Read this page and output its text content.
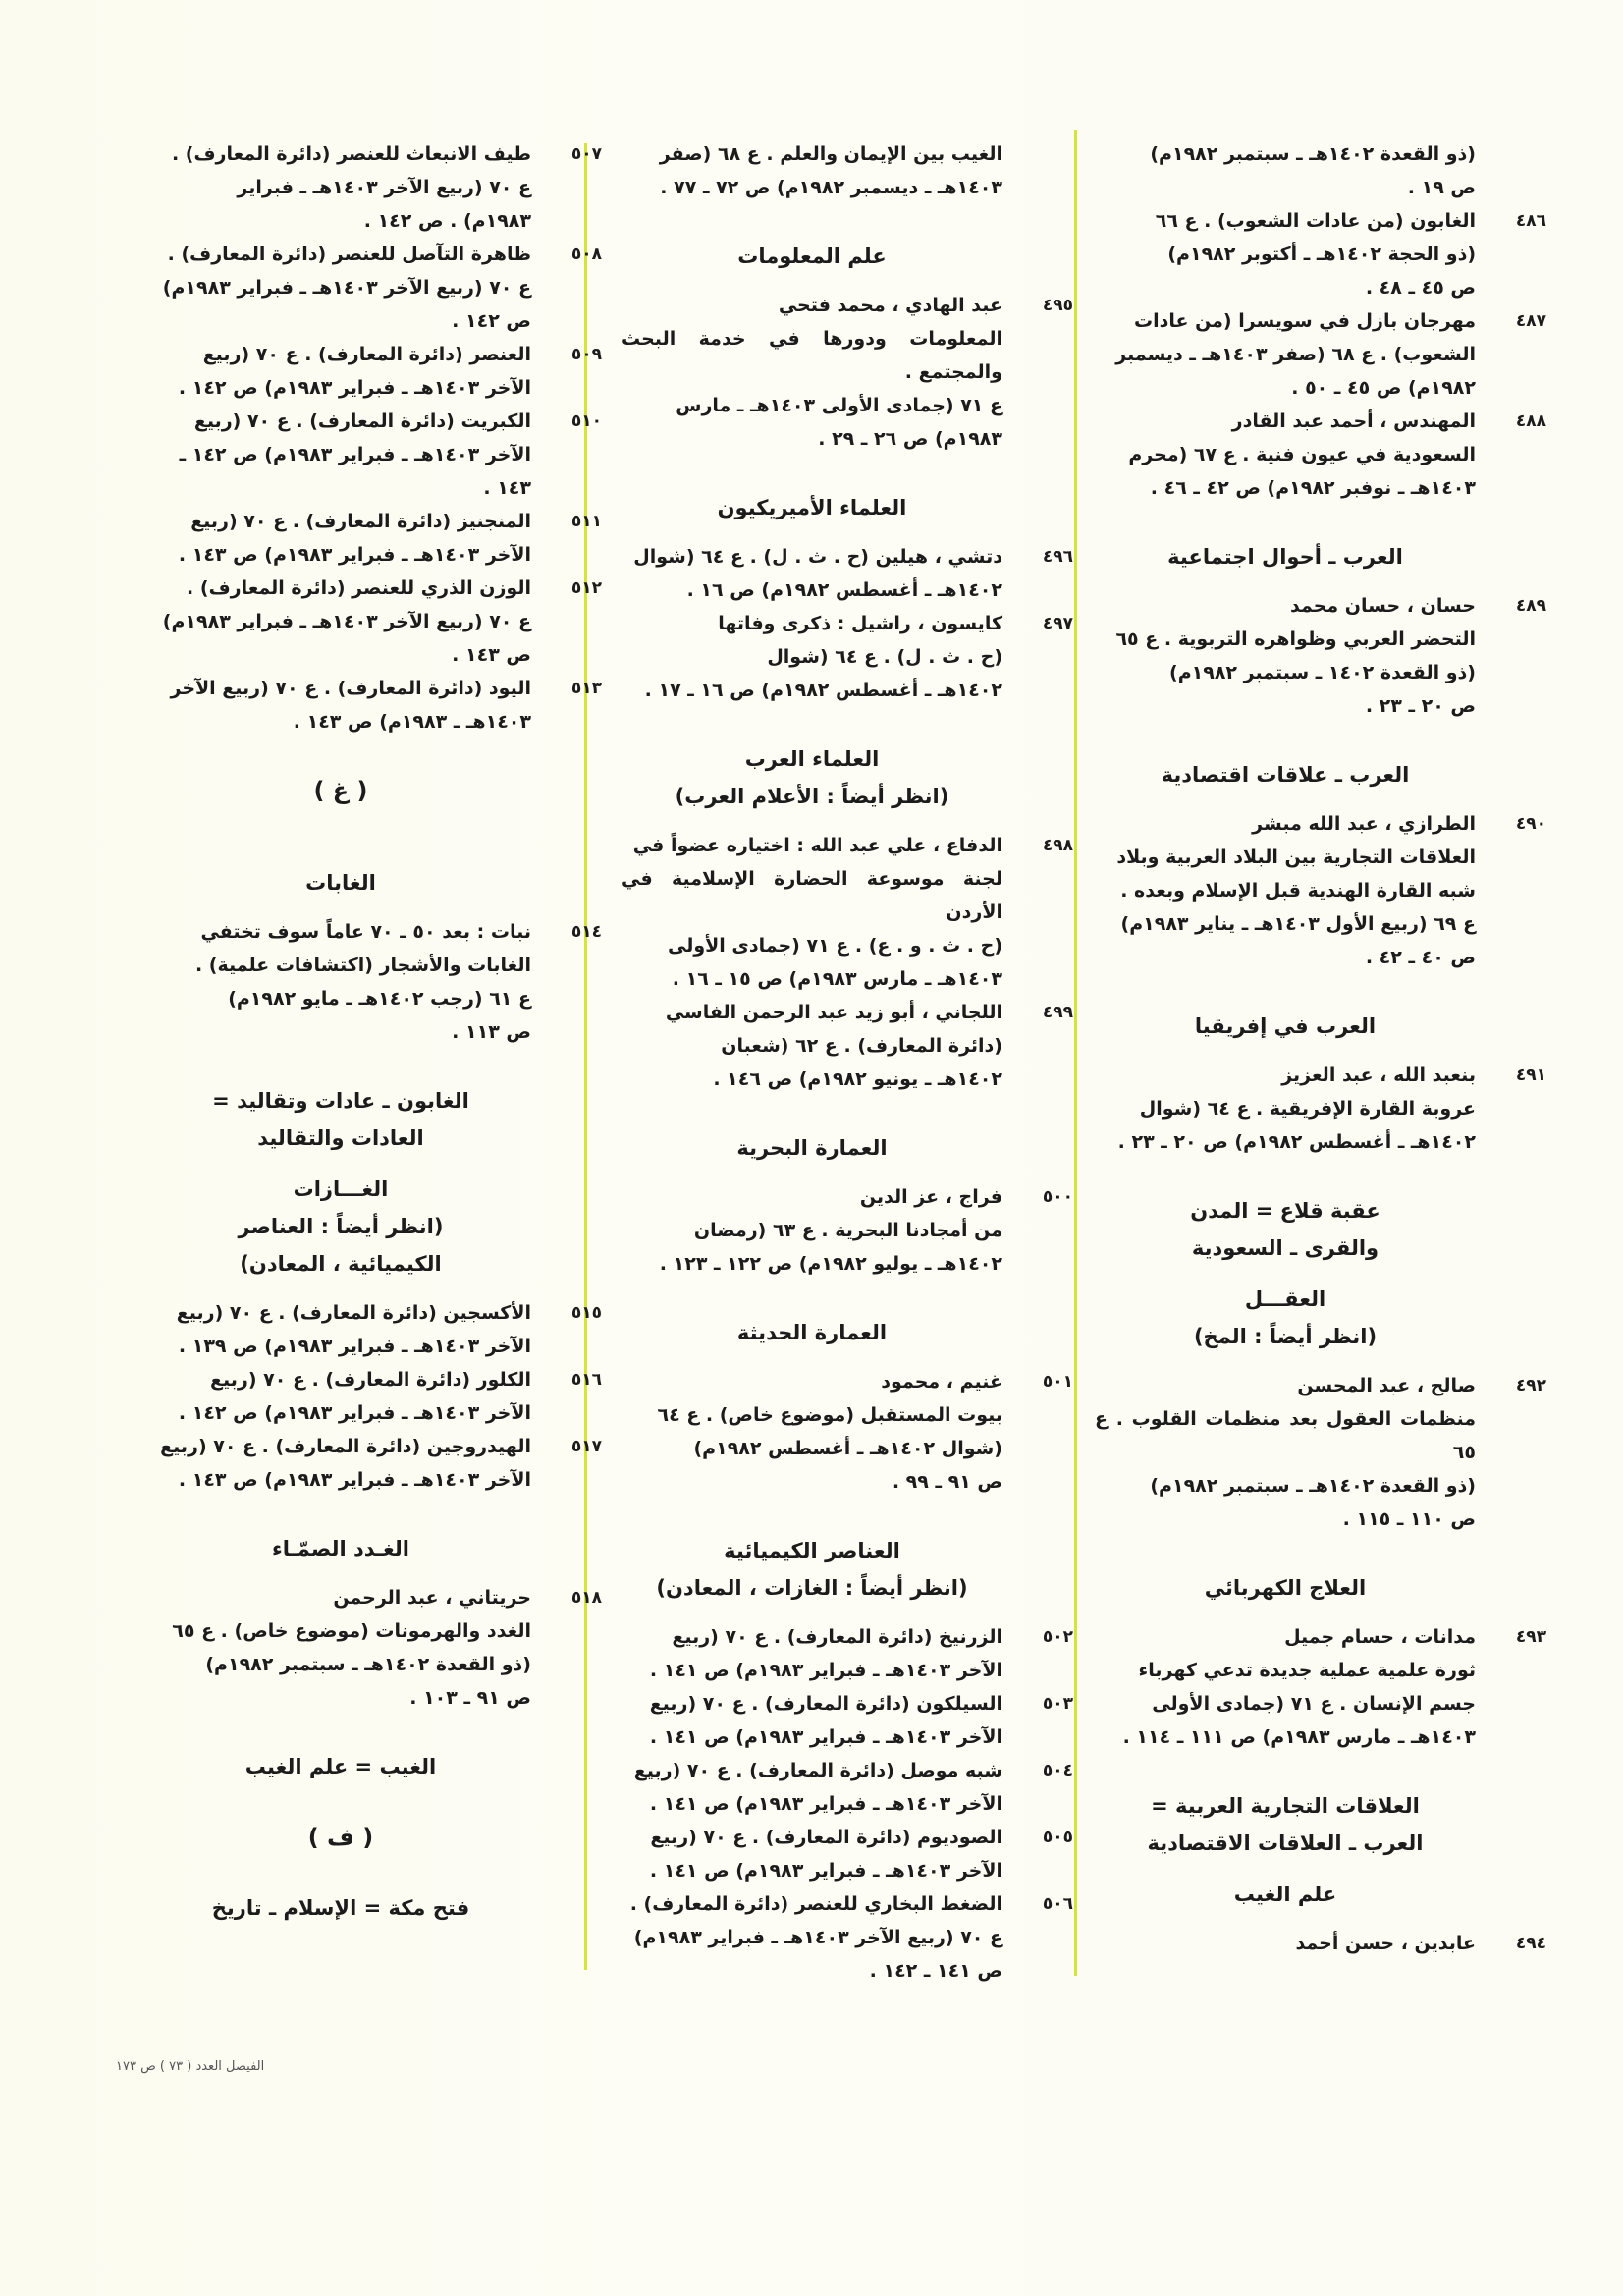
(ذو القعدة ١٤٠٢هـ ـ سبتمبر ١٩٨٢م)
ص ١٩ .
٤٨٦
الغابون (من عادات الشعوب) . ع ٦٦
(ذو الحجة ١٤٠٢هـ ـ أكتوبر ١٩٨٢م)
ص ٤٥ ـ ٤٨ .
٤٨٧
مهرجان بازل في سويسرا (من عادات
الشعوب) . ع ٦٨ (صفر ١٤٠٣هـ ـ ديسمبر
١٩٨٢م) ص ٤٥ ـ ٥٠ .
٤٨٨
المهندس ، أحمد عبد القادر
السعودية في عيون فنية . ع ٦٧ (محرم
١٤٠٣هـ ـ نوفبر ١٩٨٢م) ص ٤٢ ـ ٤٦ .
العرب ـ أحوال اجتماعية
٤٨٩
حسان ، حسان محمد
التحضر العربي وظواهره التربوية . ع ٦٥
(ذو القعدة ١٤٠٢ ـ سبتمبر ١٩٨٢م)
ص ٢٠ ـ ٢٣ .
العرب ـ علاقات اقتصادية
٤٩٠
الطرازي ، عبد الله مبشر
العلاقات التجارية بين البلاد العربية وبلاد
شبه القارة الهندية قبل الإسلام وبعده .
ع ٦٩ (ربيع الأول ١٤٠٣هـ ـ يناير ١٩٨٣م)
ص ٤٠ ـ ٤٢ .
العرب في إفريقيا
٤٩١
بنعبد الله ، عبد العزيز
عروبة القارة الإفريقية . ع ٦٤ (شوال
١٤٠٢هـ ـ أغسطس ١٩٨٢م) ص ٢٠ ـ ٢٣ .
عقبة قلاع = المدن
والقرى ـ السعودية
العقـــل
(انظر أيضاً : المخ)
٤٩٢
صالح ، عبد المحسن
منظمات العقول بعد منظمات القلوب . ع ٦٥
(ذو القعدة ١٤٠٢هـ ـ سبتمبر ١٩٨٢م)
ص ١١٠ ـ ١١٥ .
العلاج الكهربائي
٤٩٣
مدانات ، حسام جميل
ثورة علمية عملية جديدة تدعي كهرباء
جسم الإنسان . ع ٧١ (جمادى الأولى
١٤٠٣هـ ـ مارس ١٩٨٣م) ص ١١١ ـ ١١٤ .
العلاقات التجارية العربية =
العرب ـ العلاقات الاقتصادية
علم الغيب
٤٩٤
عابدين ، حسن أحمد
الغيب بين الإيمان والعلم . ع ٦٨ (صفر
١٤٠٣هـ ـ ديسمبر ١٩٨٢م) ص ٧٢ ـ ٧٧ .
علم المعلومات
٤٩٥
عبد الهادي ، محمد فتحي
المعلومات ودورها في خدمة البحث والمجتمع .
ع ٧١ (جمادى الأولى ١٤٠٣هـ ـ مارس
١٩٨٣م) ص ٢٦ ـ ٢٩ .
العلماء الأميريكيون
٤٩٦
دتشي ، هيلين (ح . ث . ل) . ع ٦٤ (شوال
١٤٠٢هـ ـ أغسطس ١٩٨٢م) ص ١٦ .
٤٩٧
كايسون ، راشيل : ذكرى وفاتها
(ح . ث . ل) . ع ٦٤ (شوال
١٤٠٢هـ ـ أغسطس ١٩٨٢م) ص ١٦ ـ ١٧ .
العلماء العرب
(انظر أيضاً : الأعلام العرب)
٤٩٨
الدفاع ، علي عبد الله : اختياره عضواً في
لجنة موسوعة الحضارة الإسلامية في الأردن
(ح . ث . و . ع) . ع ٧١ (جمادى الأولى
١٤٠٣هـ ـ مارس ١٩٨٣م) ص ١٥ ـ ١٦ .
٤٩٩
اللجاني ، أبو زيد عبد الرحمن الفاسي
(دائرة المعارف) . ع ٦٢ (شعبان
١٤٠٢هـ ـ يونيو ١٩٨٢م) ص ١٤٦ .
العمارة البحرية
٥٠٠
فراج ، عز الدين
من أمجادنا البحرية . ع ٦٣ (رمضان
١٤٠٢هـ ـ يوليو ١٩٨٢م) ص ١٢٢ ـ ١٢٣ .
العمارة الحديثة
٥٠١
غنيم ، محمود
بيوت المستقبل (موضوع خاص) . ع ٦٤
(شوال ١٤٠٢هـ ـ أغسطس ١٩٨٢م)
ص ٩١ ـ ٩٩ .
العناصر الكيميائية
(انظر أيضاً : الغازات ، المعادن)
٥٠٢
الزرنيخ (دائرة المعارف) . ع ٧٠ (ربيع
الآخر ١٤٠٣هـ ـ فبراير ١٩٨٣م) ص ١٤١ .
٥٠٣
السيلكون (دائرة المعارف) . ع ٧٠ (ربيع
الآخر ١٤٠٣هـ ـ فبراير ١٩٨٣م) ص ١٤١ .
٥٠٤
شبه موصل (دائرة المعارف) . ع ٧٠ (ربيع
الآخر ١٤٠٣هـ ـ فبراير ١٩٨٣م) ص ١٤١ .
٥٠٥
الصوديوم (دائرة المعارف) . ع ٧٠ (ربيع
الآخر ١٤٠٣هـ ـ فبراير ١٩٨٣م) ص ١٤١ .
٥٠٦
الضغط البخاري للعنصر (دائرة المعارف) .
ع ٧٠ (ربيع الآخر ١٤٠٣هـ ـ فبراير ١٩٨٣م)
ص ١٤١ ـ ١٤٢ .
٥٠٧
طيف الانبعاث للعنصر (دائرة المعارف) .
ع ٧٠ (ربيع الآخر ١٤٠٣هـ ـ فبراير
١٩٨٣م) . ص ١٤٢ .
٥٠٨
ظاهرة التآصل للعنصر (دائرة المعارف) .
ع ٧٠ (ربيع الآخر ١٤٠٣هـ ـ فبراير ١٩٨٣م)
ص ١٤٢ .
٥٠٩
العنصر (دائرة المعارف) . ع ٧٠ (ربيع
الآخر ١٤٠٣هـ ـ فبراير ١٩٨٣م) ص ١٤٢ .
٥١٠
الكبريت (دائرة المعارف) . ع ٧٠ (ربيع
الآخر ١٤٠٣هـ ـ فبراير ١٩٨٣م) ص ١٤٢ ـ
١٤٣ .
٥١١
المنجنيز (دائرة المعارف) . ع ٧٠ (ربيع
الآخر ١٤٠٣هـ ـ فبراير ١٩٨٣م) ص ١٤٣ .
٥١٢
الوزن الذري للعنصر (دائرة المعارف) .
ع ٧٠ (ربيع الآخر ١٤٠٣هـ ـ فبراير ١٩٨٣م)
ص ١٤٣ .
٥١٣
اليود (دائرة المعارف) . ع ٧٠ (ربيع الآخر
١٤٠٣هـ ـ ١٩٨٣م) ص ١٤٣ .
( غ )
الغابات
٥١٤
نبات : بعد ٥٠ ـ ٧٠ عاماً سوف تختفي
الغابات والأشجار (اكتشافات علمية) .
ع ٦١ (رجب ١٤٠٢هـ ـ مايو ١٩٨٢م)
ص ١١٣ .
الغابون ـ عادات وتقاليد =
العادات والتقاليد
الغـــازات
(انظر أيضاً : العناصر
الكيميائية ، المعادن)
٥١٥
الأكسجين (دائرة المعارف) . ع ٧٠ (ربيع
الآخر ١٤٠٣هـ ـ فبراير ١٩٨٣م) ص ١٣٩ .
٥١٦
الكلور (دائرة المعارف) . ع ٧٠ (ربيع
الآخر ١٤٠٣هـ ـ فبراير ١٩٨٣م) ص ١٤٢ .
٥١٧
الهيدروجين (دائرة المعارف) . ع ٧٠ (ربيع
الآخر ١٤٠٣هـ ـ فبراير ١٩٨٣م) ص ١٤٣ .
الغـدد الصمّـاء
٥١٨
حريتاني ، عبد الرحمن
الغدد والهرمونات (موضوع خاص) . ع ٦٥
(ذو القعدة ١٤٠٢هـ ـ سبتمبر ١٩٨٢م)
ص ٩١ ـ ١٠٣ .
الغيب = علم الغيب
( ف )
فتح مكة = الإسلام ـ تاريخ
الفيصل العدد ( ٧٣ ) ص ١٧٣
